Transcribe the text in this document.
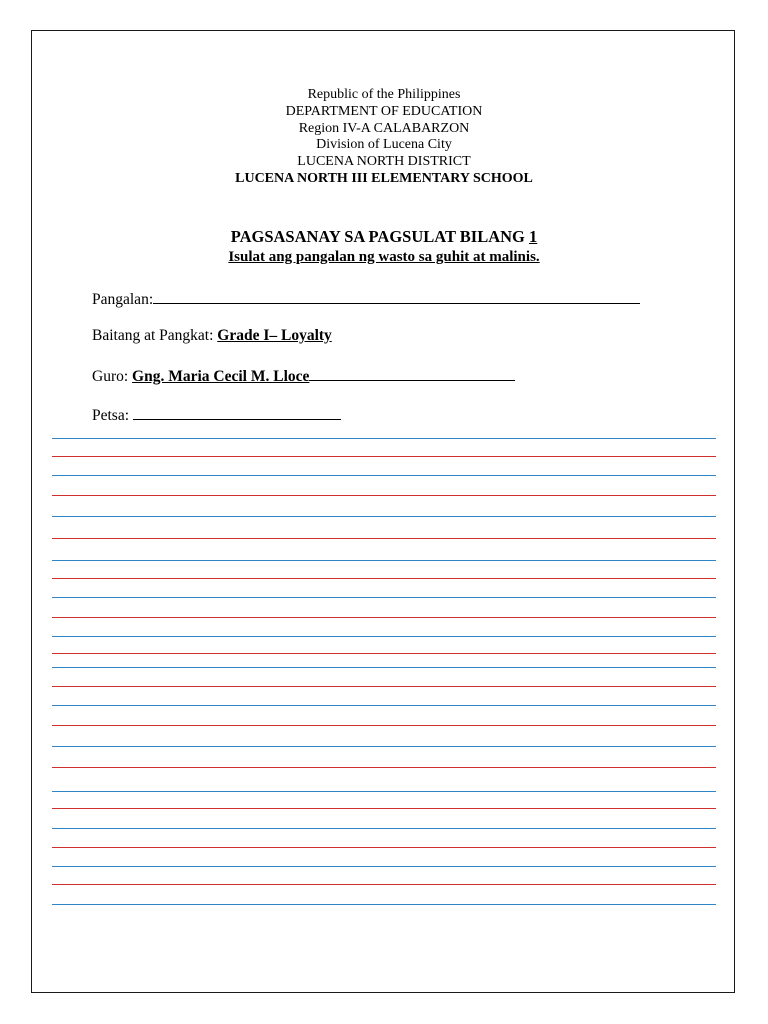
Republic of the Philippines
DEPARTMENT OF EDUCATION
Region IV-A CALABARZON
Division of Lucena City
LUCENA NORTH DISTRICT
LUCENA NORTH III ELEMENTARY SCHOOL
PAGSASANAY SA PAGSULAT BILANG 1
Isulat ang pangalan ng wasto sa guhit at malinis.
Pangalan:
Baitang at Pangkat: Grade I– Loyalty
Guro: Gng. Maria Cecil M. Lloce
Petsa:
